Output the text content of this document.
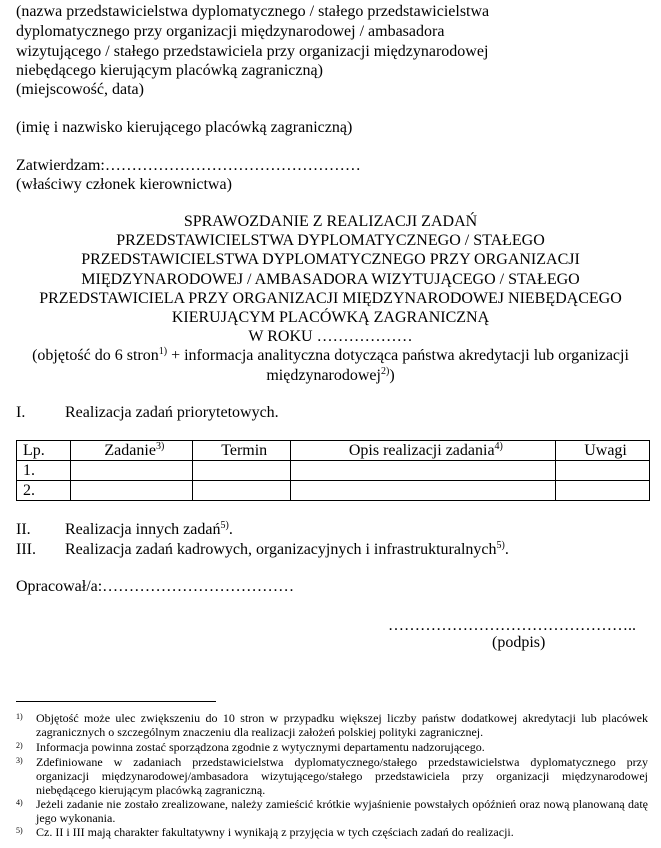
(nazwa przedstawicielstwa dyplomatycznego / stałego przedstawicielstwa
dyplomatycznego przy organizacji międzynarodowej / ambasadora
wizytującego / stałego przedstawiciela przy organizacji międzynarodowej
niebędącego kierującym placówką zagraniczną)
(miejscowość, data)
(imię i nazwisko kierującego placówką zagraniczną)
Zatwierdzam:…………………………………………
(właściwy członek kierownictwa)
SPRAWOZDANIE Z REALIZACJI ZADAŃ
PRZEDSTAWICIELSTWA DYPLOMATYCZNEGO / STAŁEGO
PRZEDSTAWICIELSTWA DYPLOMATYCZNEGO PRZY ORGANIZACJI
MIĘDZYNARODOWEJ / AMBASADORA WIZYTUJĄCEGO / STAŁEGO
PRZEDSTAWICIELA PRZY ORGANIZACJI MIĘDZYNARODOWEJ NIEBĘDĄCEGO
KIERUJĄCYM PLACÓWKĄ ZAGRANICZNĄ
W ROKU ………………
(objętość do 6 stron$^{1)}$ + informacja analityczna dotycząca państwa akredytacji lub organizacji
międzynarodowej$^{2)}$)
I. Realizacja zadań priorytetowych.
Lp.	Zadanie$^{3)}$	Termin	Opis realizacji zadania$^{4)}$	Uwagi
1.				
2.				
II. Realizacja innych zadań$^{5)}$.
III. Realizacja zadań kadrowych, organizacyjnych i infrastrukturalnych$^{5)}$.
Opracował/a:………………………………
………………………………………..
(podpis)
1) Objętość może ulec zwiększeniu do 10 stron w przypadku większej liczby państw dodatkowej akredytacji lub placówek zagranicznych o szczególnym znaczeniu dla realizacji założeń polskiej polityki zagranicznej.
2) Informacja powinna zostać sporządzona zgodnie z wytycznymi departamentu nadzorującego.
3) Zdefiniowane w zadaniach przedstawicielstwa dyplomatycznego/stałego przedstawicielstwa dyplomatycznego przy organizacji międzynarodowej/ambasadora wizytującego/stałego przedstawiciela przy organizacji międzynarodowej niebędącego kierującym placówką zagraniczną.
4) Jeżeli zadanie nie zostało zrealizowane, należy zamieścić krótkie wyjaśnienie powstałych opóźnień oraz nową planowaną datę jego wykonania.
5) Cz. II i III mają charakter fakultatywny i wynikają z przyjęcia w tych częściach zadań do realizacji.
